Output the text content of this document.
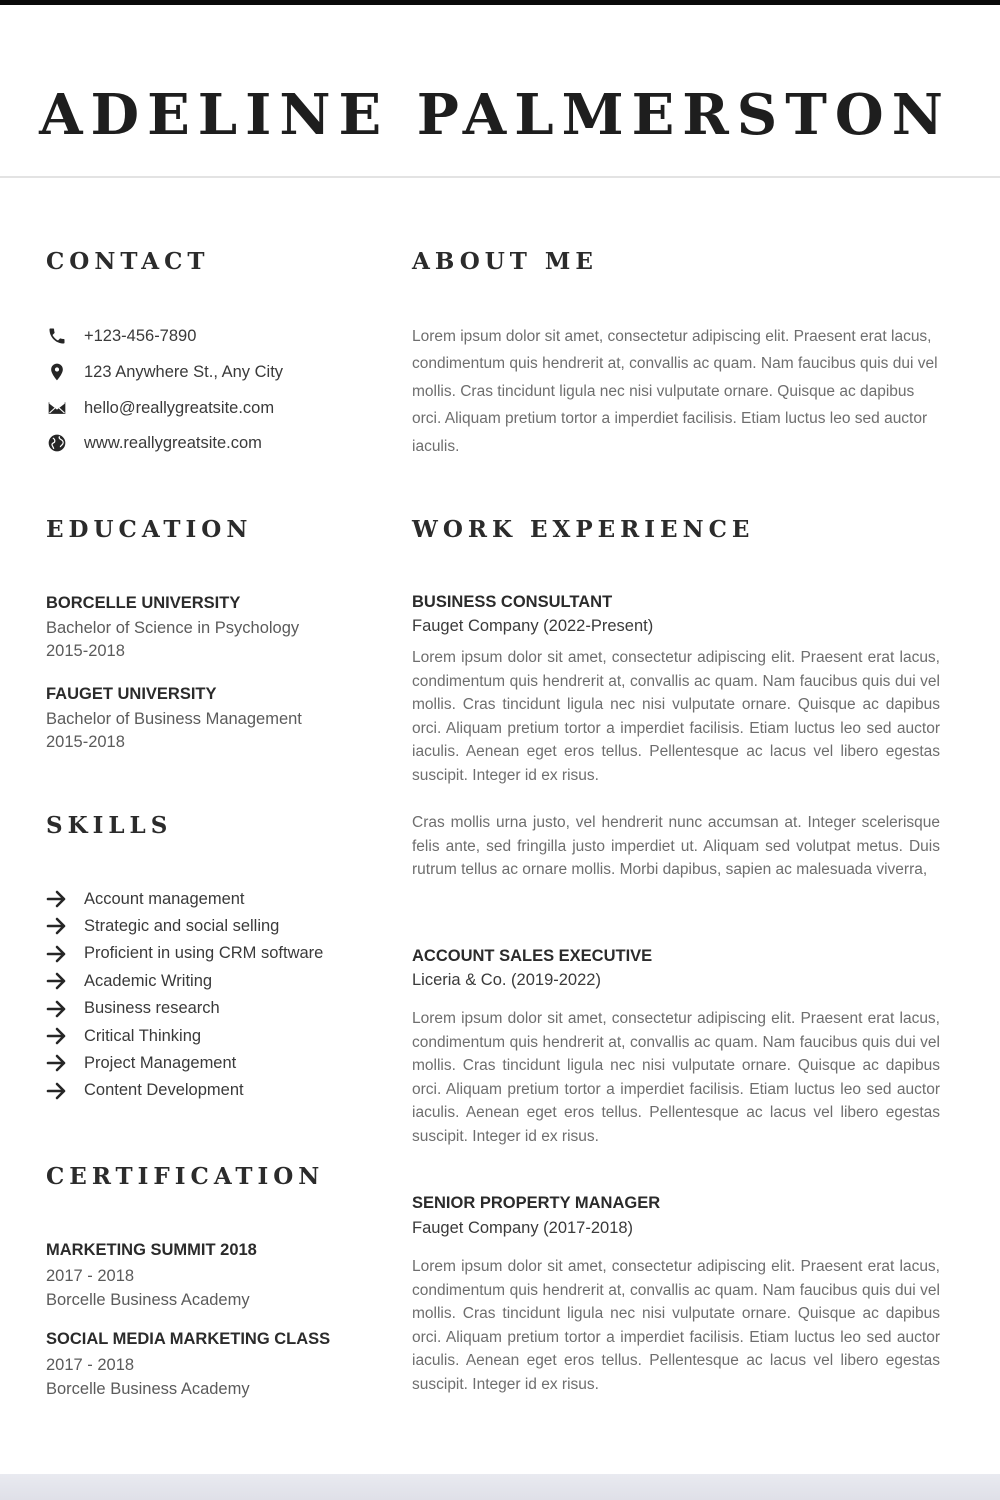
ADELINE PALMERSTON
CONTACT
+123-456-7890
123 Anywhere St., Any City
hello@reallygreatsite.com
www.reallygreatsite.com
EDUCATION

BORCELLE UNIVERSITY

Bachelor of Science in Psychology

2015-2018

FAUGET UNIVERSITY

Bachelor of Business Management

2015-2018

SKILLS
Account management
Strategic and social selling
Proficient in using CRM software
Academic Writing
Business research
Critical Thinking
Project Management
Content Development
CERTIFICATION

MARKETING SUMMIT 2018

2017 - 2018

Borcelle Business Academy

SOCIAL MEDIA MARKETING CLASS

2017 - 2018

Borcelle Business Academy

ABOUT ME

Lorem ipsum dolor sit amet, consectetur adipiscing elit. Praesent erat lacus, condimentum quis hendrerit at, convallis ac quam. Nam faucibus quis dui vel mollis. Cras tincidunt ligula nec nisi vulputate ornare. Quisque ac dapibus orci. Aliquam pretium tortor a imperdiet facilisis. Etiam luctus leo sed auctor iaculis.

WORK EXPERIENCE

BUSINESS CONSULTANT

Fauget Company (2022-Present)

Lorem ipsum dolor sit amet, consectetur adipiscing elit. Praesent erat lacus, condimentum quis hendrerit at, convallis ac quam. Nam faucibus quis dui vel mollis. Cras tincidunt ligula nec nisi vulputate ornare. Quisque ac dapibus orci. Aliquam pretium tortor a imperdiet facilisis. Etiam luctus leo sed auctor iaculis. Aenean eget eros tellus. Pellentesque ac lacus vel libero egestas suscipit. Integer id ex risus.

Cras mollis urna justo, vel hendrerit nunc accumsan at. Integer scelerisque felis ante, sed fringilla justo imperdiet ut. Aliquam sed volutpat metus. Duis rutrum tellus ac ornare mollis. Morbi dapibus, sapien ac malesuada viverra,

ACCOUNT SALES EXECUTIVE

Liceria & Co. (2019-2022)

Lorem ipsum dolor sit amet, consectetur adipiscing elit. Praesent erat lacus, condimentum quis hendrerit at, convallis ac quam. Nam faucibus quis dui vel mollis. Cras tincidunt ligula nec nisi vulputate ornare. Quisque ac dapibus orci. Aliquam pretium tortor a imperdiet facilisis. Etiam luctus leo sed auctor iaculis. Aenean eget eros tellus. Pellentesque ac lacus vel libero egestas suscipit. Integer id ex risus.

SENIOR PROPERTY MANAGER

Fauget Company (2017-2018)

Lorem ipsum dolor sit amet, consectetur adipiscing elit. Praesent erat lacus, condimentum quis hendrerit at, convallis ac quam. Nam faucibus quis dui vel mollis. Cras tincidunt ligula nec nisi vulputate ornare. Quisque ac dapibus orci. Aliquam pretium tortor a imperdiet facilisis. Etiam luctus leo sed auctor iaculis. Aenean eget eros tellus. Pellentesque ac lacus vel libero egestas suscipit. Integer id ex risus.
